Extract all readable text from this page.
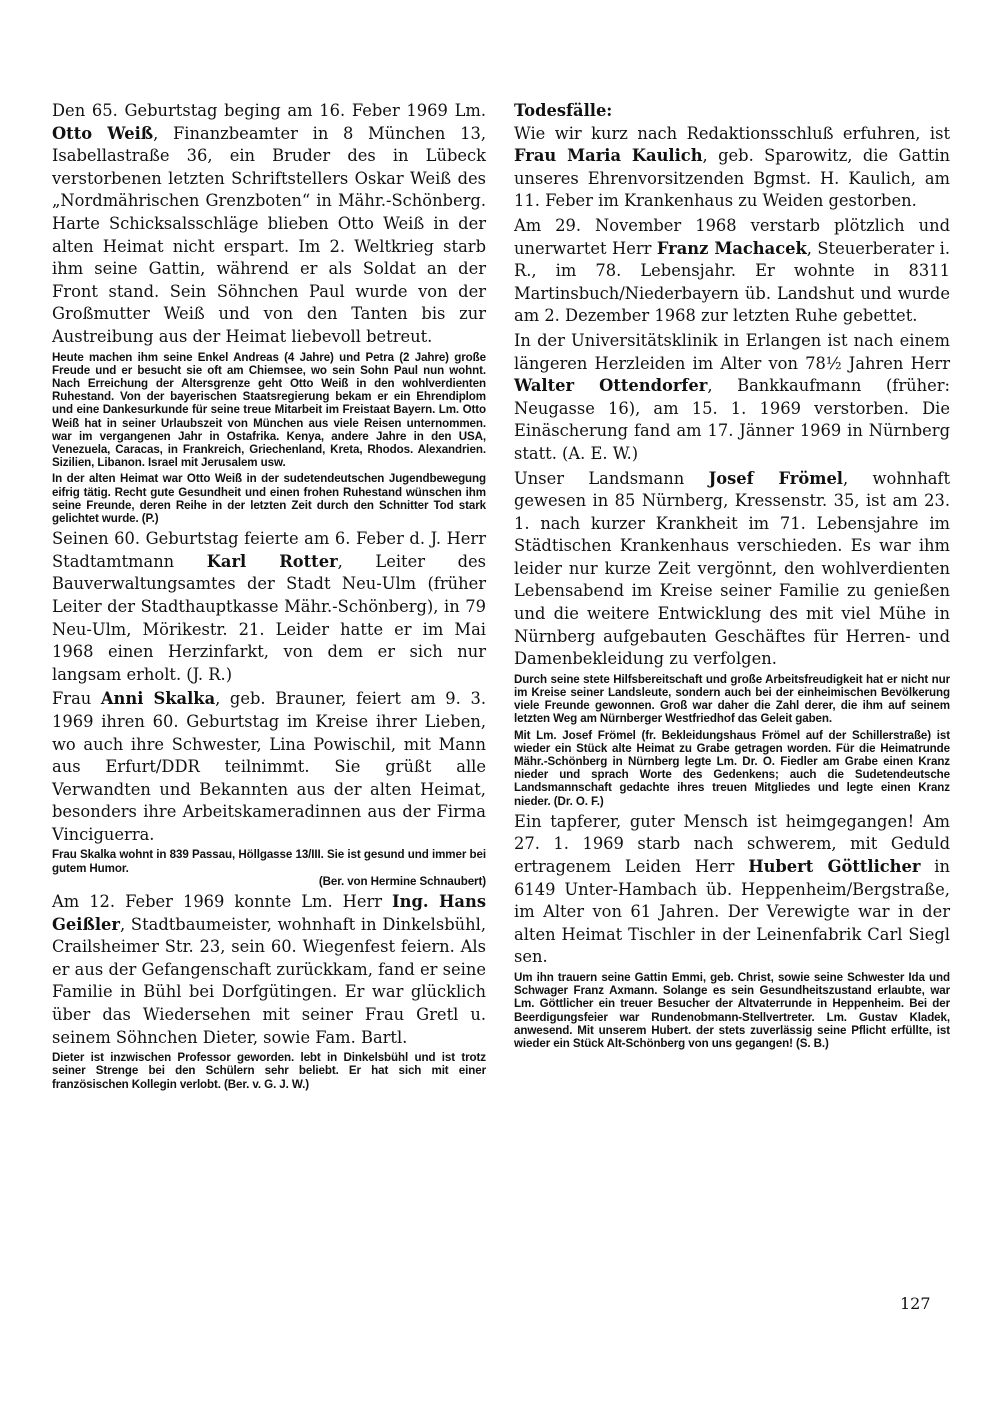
Den 65. Geburtstag beging am 16. Feber 1969 Lm. Otto Weiß, Finanzbeamter in 8 München 13, Isabellastraße 36, ein Bruder des in Lübeck verstorbenen letzten Schriftstellers Oskar Weiß des „Nordmährischen Grenzboten“ in Mähr.-Schönberg. Harte Schicksalsschläge blieben Otto Weiß in der alten Heimat nicht erspart. Im 2. Weltkrieg starb ihm seine Gattin, während er als Soldat an der Front stand. Sein Söhnchen Paul wurde von der Großmutter Weiß und von den Tanten bis zur Austreibung aus der Heimat liebevoll betreut.

Heute machen ihm seine Enkel Andreas (4 Jahre) und Petra (2 Jahre) große Freude und er besucht sie oft am Chiemsee, wo sein Sohn Paul nun wohnt. Nach Erreichung der Altersgrenze geht Otto Weiß in den wohlverdienten Ruhestand. Von der bayerischen Staatsregierung bekam er ein Ehrendiplom und eine Dankesurkunde für seine treue Mitarbeit im Freistaat Bayern. Lm. Otto Weiß hat in seiner Urlaubszeit von München aus viele Reisen unternommen. war im vergangenen Jahr in Ostafrika. Kenya, andere Jahre in den USA, Venezuela, Caracas, in Frankreich, Griechenland, Kreta, Rhodos. Alexandrien. Sizilien, Libanon. Israel mit Jerusalem usw.

In der alten Heimat war Otto Weiß in der sudetendeutschen Jugendbewegung eifrig tätig. Recht gute Gesundheit und einen frohen Ruhestand wünschen ihm seine Freunde, deren Reihe in der letzten Zeit durch den Schnitter Tod stark gelichtet wurde. (P.)

Seinen 60. Geburtstag feierte am 6. Feber d. J. Herr Stadtamtmann Karl Rotter, Leiter des Bauverwaltungsamtes der Stadt Neu-Ulm (früher Leiter der Stadthauptkasse Mähr.-Schönberg), in 79 Neu-Ulm, Mörikestr. 21. Leider hatte er im Mai 1968 einen Herzinfarkt, von dem er sich nur langsam erholt. (J. R.)

Frau Anni Skalka, geb. Brauner, feiert am 9. 3. 1969 ihren 60. Geburtstag im Kreise ihrer Lieben, wo auch ihre Schwester, Lina Powischil, mit Mann aus Erfurt/DDR teilnimmt. Sie grüßt alle Verwandten und Bekannten aus der alten Heimat, besonders ihre Arbeitskameradinnen aus der Firma Vinciguerra.

Frau Skalka wohnt in 839 Passau, Höllgasse 13/III. Sie ist gesund und immer bei gutem Humor.

(Ber. von Hermine Schnaubert)

Am 12. Feber 1969 konnte Lm. Herr Ing. Hans Geißler, Stadtbaumeister, wohnhaft in Dinkelsbühl, Crailsheimer Str. 23, sein 60. Wiegenfest feiern. Als er aus der Gefangenschaft zurückkam, fand er seine Familie in Bühl bei Dorfgütingen. Er war glücklich über das Wiedersehen mit seiner Frau Gretl u. seinem Söhnchen Dieter, sowie Fam. Bartl.

Dieter ist inzwischen Professor geworden. lebt in Dinkelsbühl und ist trotz seiner Strenge bei den Schülern sehr beliebt. Er hat sich mit einer französischen Kollegin verlobt. (Ber. v. G. J. W.)

Todesfälle:

Wie wir kurz nach Redaktionsschluß erfuhren, ist Frau Maria Kaulich, geb. Sparowitz, die Gattin unseres Ehrenvorsitzenden Bgmst. H. Kaulich, am 11. Feber im Krankenhaus zu Weiden gestorben.

Am 29. November 1968 verstarb plötzlich und unerwartet Herr Franz Machacek, Steuerberater i. R., im 78. Lebensjahr. Er wohnte in 8311 Martinsbuch/Niederbayern üb. Landshut und wurde am 2. Dezember 1968 zur letzten Ruhe gebettet.

In der Universitätsklinik in Erlangen ist nach einem längeren Herzleiden im Alter von 78½ Jahren Herr Walter Ottendorfer, Bankkaufmann (früher: Neugasse 16), am 15. 1. 1969 verstorben. Die Einäscherung fand am 17. Jänner 1969 in Nürnberg statt. (A. E. W.)

Unser Landsmann Josef Frömel, wohnhaft gewesen in 85 Nürnberg, Kressenstr. 35, ist am 23. 1. nach kurzer Krankheit im 71. Lebensjahre im Städtischen Krankenhaus verschieden. Es war ihm leider nur kurze Zeit vergönnt, den wohlverdienten Lebensabend im Kreise seiner Familie zu genießen und die weitere Entwicklung des mit viel Mühe in Nürnberg aufgebauten Geschäftes für Herren- und Damenbekleidung zu verfolgen.

Durch seine stete Hilfsbereitschaft und große Arbeitsfreudigkeit hat er nicht nur im Kreise seiner Landsleute, sondern auch bei der einheimischen Bevölkerung viele Freunde gewonnen. Groß war daher die Zahl derer, die ihm auf seinem letzten Weg am Nürnberger Westfriedhof das Geleit gaben.

Mit Lm. Josef Frömel (fr. Bekleidungshaus Frömel auf der Schillerstraße) ist wieder ein Stück alte Heimat zu Grabe getragen worden. Für die Heimatrunde Mähr.-Schönberg in Nürnberg legte Lm. Dr. O. Fiedler am Grabe einen Kranz nieder und sprach Worte des Gedenkens; auch die Sudetendeutsche Landsmannschaft gedachte ihres treuen Mitgliedes und legte einen Kranz nieder. (Dr. O. F.)

Ein tapferer, guter Mensch ist heimgegangen! Am 27. 1. 1969 starb nach schwerem, mit Geduld ertragenem Leiden Herr Hubert Göttlicher in 6149 Unter-Hambach üb. Heppenheim/Bergstraße, im Alter von 61 Jahren. Der Verewigte war in der alten Heimat Tischler in der Leinenfabrik Carl Siegl sen.

Um ihn trauern seine Gattin Emmi, geb. Christ, sowie seine Schwester Ida und Schwager Franz Axmann. Solange es sein Gesundheitszustand erlaubte, war Lm. Göttlicher ein treuer Besucher der Altvaterrunde in Heppenheim. Bei der Beerdigungsfeier war Rundenobmann-Stellvertreter. Lm. Gustav Kladek, anwesend. Mit unserem Hubert. der stets zuverlässig seine Pflicht erfüllte, ist wieder ein Stück Alt-Schönberg von uns gegangen! (S. B.)

127
